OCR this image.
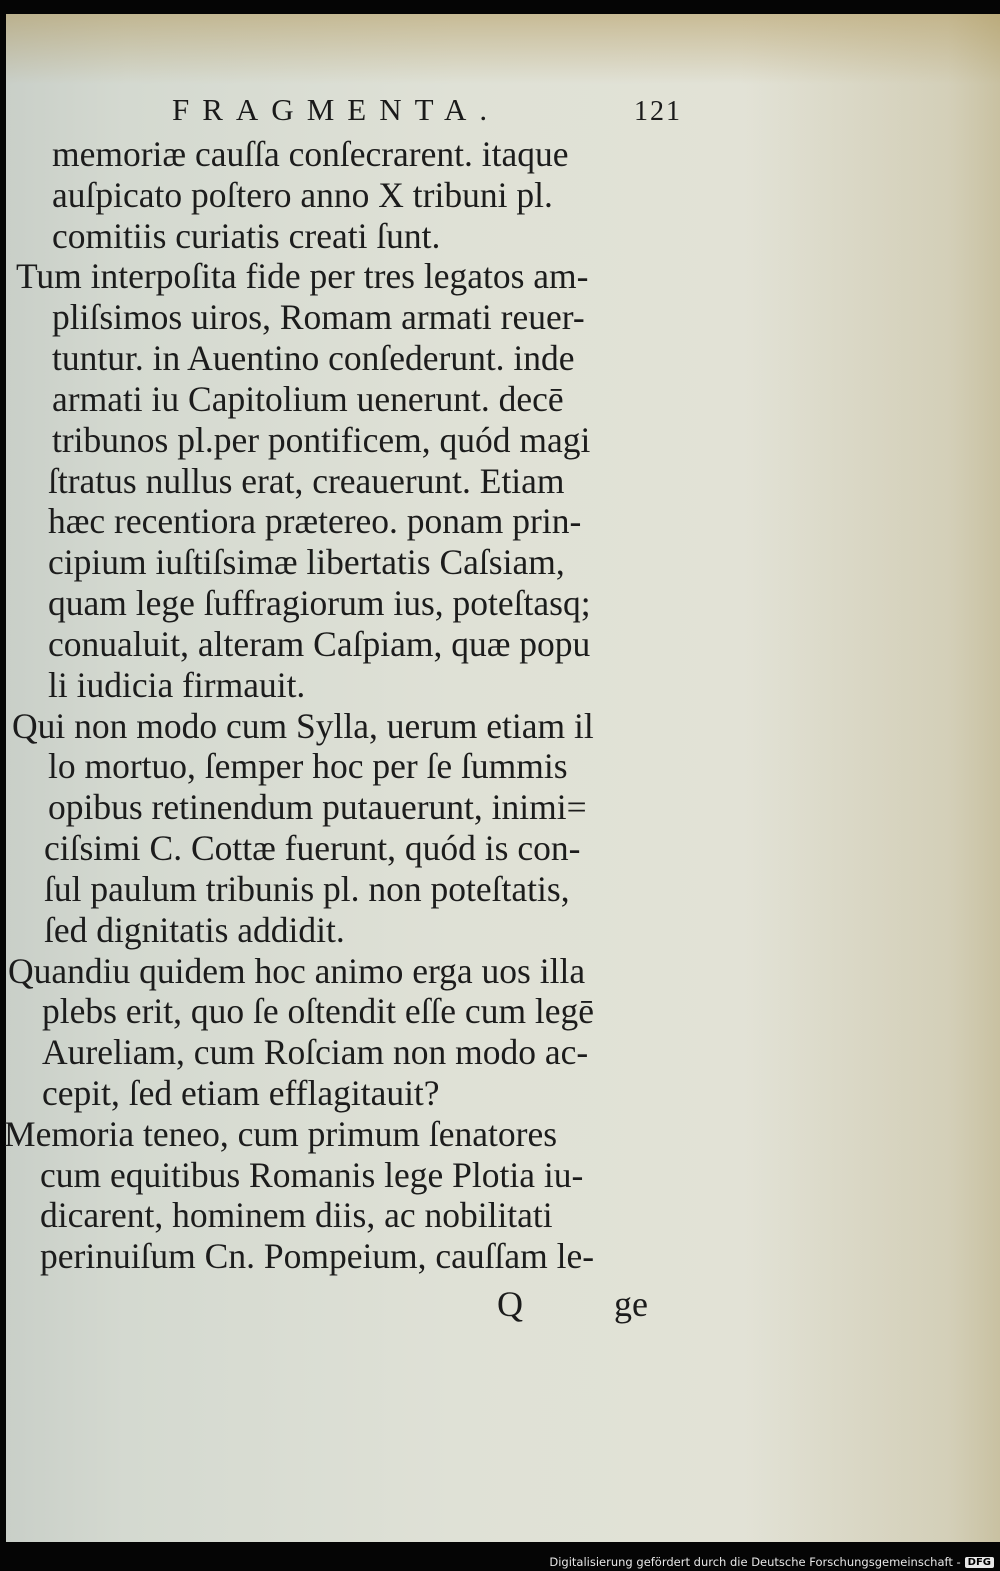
FRAGMENTA.	121
memoriæ cauſſa conſecrarent. itaque
auſpicato poſtero anno X tribuni pl.
comitiis curiatis creati ſunt.
Tum interpoſita fide per tres legatos am-
pliſsimos uiros, Romam armati reuer-
tuntur. in Auentino conſederunt. inde
armati iu Capitolium uenerunt. decē
tribunos pl.per pontificem, quód magi
ſtratus nullus erat, creauerunt. Etiam
hæc recentiora prætereo. ponam prin-
cipium iuſtiſsimæ libertatis Caſsiam,
quam lege ſuffragiorum ius, poteſtasq;
conualuit, alteram Caſpiam, quæ popu
li iudicia firmauit.
Qui non modo cum Sylla, uerum etiam il
lo mortuo, ſemper hoc per ſe ſummis
opibus retinendum putauerunt, inimi=
ciſsimi C. Cottæ fuerunt, quód is con-
ſul paulum tribunis pl. non poteſtatis,
ſed dignitatis addidit.
Quandiu quidem hoc animo erga uos illa
plebs erit, quo ſe oſtendit eſſe cum legē
Aureliam, cum Roſciam non modo ac-
cepit, ſed etiam efflagitauit?
Memoria teneo, cum primum ſenatores
cum equitibus Romanis lege Plotia iu-
dicarent, hominem diis, ac nobilitati
perinuiſum Cn. Pompeium, cauſſam le-
Q	ge
Digitalisierung gefördert durch die Deutsche Forschungsgemeinschaft - DFG
